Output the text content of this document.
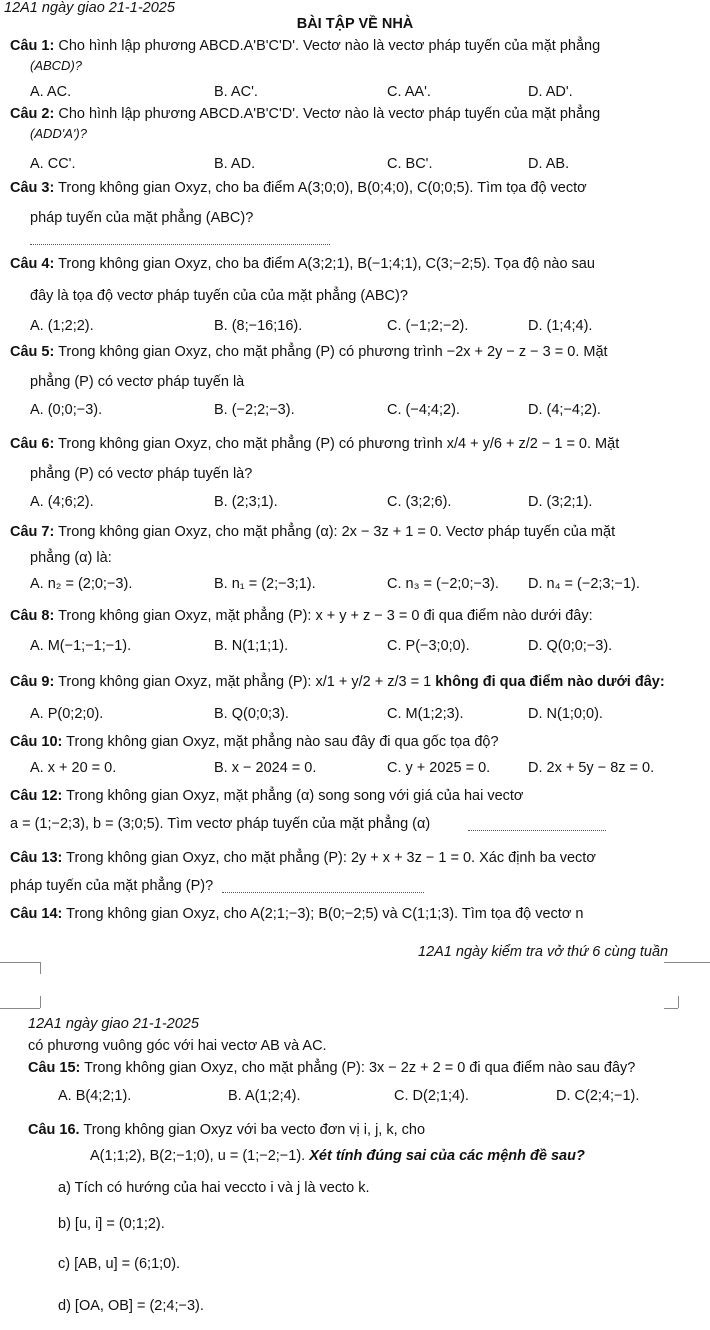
12A1 ngày giao 21-1-2025
BÀI TẬP VỀ NHÀ
Câu 1: Cho hình lập phương ABCD.A'B'C'D'. Vectơ nào là vectơ pháp tuyến của mặt phẳng
(ABCD)?
A. AC.	B. AC'.	C. AA'.	D. AD'.
Câu 2: Cho hình lập phương ABCD.A'B'C'D'. Vectơ nào là vectơ pháp tuyến của mặt phẳng
(ADD'A')?
A. CC'.	B. AD.	C. BC'.	D. AB.
Câu 3: Trong không gian Oxyz, cho ba điểm A(3;0;0), B(0;4;0), C(0;0;5). Tìm tọa độ vectơ
pháp tuyến của mặt phẳng (ABC)?
Câu 4: Trong không gian Oxyz, cho ba điểm A(3;2;1), B(−1;4;1), C(3;−2;5). Tọa độ nào sau
đây là tọa độ vectơ pháp tuyến của của mặt phẳng (ABC)?
A. (1;2;2).	B. (8;−16;16).	C. (−1;2;−2).	D. (1;4;4).
Câu 5: Trong không gian Oxyz, cho mặt phẳng (P) có phương trình −2x + 2y − z − 3 = 0. Mặt
phẳng (P) có vectơ pháp tuyến là
A. (0;0;−3).	B. (−2;2;−3).	C. (−4;4;2).	D. (4;−4;2).
Câu 6: Trong không gian Oxyz, cho mặt phẳng (P) có phương trình x/4 + y/6 + z/2 − 1 = 0. Mặt
phẳng (P) có vectơ pháp tuyến là?
A. (4;6;2).	B. (2;3;1).	C. (3;2;6).	D. (3;2;1).
Câu 7: Trong không gian Oxyz, cho mặt phẳng (α): 2x − 3z + 1 = 0. Vectơ pháp tuyến của mặt
phẳng (α) là:
A. n₂ = (2;0;−3).	B. n₁ = (2;−3;1).	C. n₃ = (−2;0;−3). D. n₄ = (−2;3;−1).
Câu 8: Trong không gian Oxyz, mặt phẳng (P): x + y + z − 3 = 0 đi qua điểm nào dưới đây:
A. M(−1;−1;−1).	B. N(1;1;1).	C. P(−3;0;0).	D. Q(0;0;−3).
Câu 9: Trong không gian Oxyz, mặt phẳng (P): x/1 + y/2 + z/3 = 1 không đi qua điểm nào dưới đây:
A. P(0;2;0).	B. Q(0;0;3).	C. M(1;2;3).	D. N(1;0;0).
Câu 10: Trong không gian Oxyz, mặt phẳng nào sau đây đi qua gốc tọa độ?
A. x + 20 = 0.	B. x − 2024 = 0.	C. y + 2025 = 0.	D. 2x + 5y − 8z = 0.
Câu 12: Trong không gian Oxyz, mặt phẳng (α) song song với giá của hai vectơ
a = (1;−2;3), b = (3;0;5). Tìm vectơ pháp tuyến của mặt phẳng (α)
Câu 13: Trong không gian Oxyz, cho mặt phẳng (P): 2y + x + 3z − 1 = 0. Xác định ba vectơ
pháp tuyến của mặt phẳng (P)?
Câu 14: Trong không gian Oxyz, cho A(2;1;−3); B(0;−2;5) và C(1;1;3). Tìm tọa độ vectơ n
12A1 ngày kiểm tra vở thứ 6 cùng tuần
12A1 ngày giao 21-1-2025
có phương vuông góc với hai vectơ AB và AC.
Câu 15: Trong không gian Oxyz, cho mặt phẳng (P): 3x − 2z + 2 = 0 đi qua điểm nào sau đây?
A. B(4;2;1).	B. A(1;2;4).	C. D(2;1;4).	D. C(2;4;−1).
Câu 16. Trong không gian Oxyz với ba vecto đơn vị i, j, k, cho
A(1;1;2), B(2;−1;0), u = (1;−2;−1). Xét tính đúng sai của các mệnh đề sau?
a) Tích có hướng của hai veccto i và j là vecto k.
b) [u, i] = (0;1;2).
c) [AB, u] = (6;1;0).
d) [OA, OB] = (2;4;−3).
